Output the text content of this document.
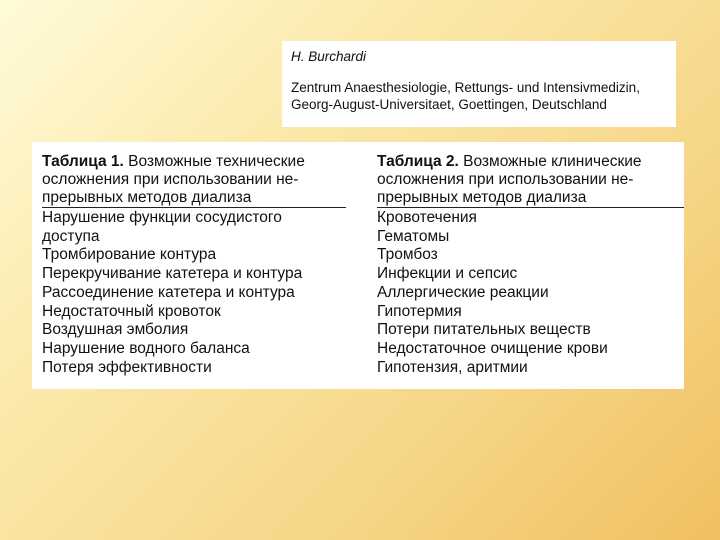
H. Burchardi
Zentrum Anaesthesiologie, Rettungs- und Intensivmedizin,
Georg-August-Universitaet, Goettingen, Deutschland
Таблица 1. Возможные технические
осложнения при использовании не-
прерывных методов диализа
Нарушение функции сосудистого
доступа
Тромбирование контура
Перекручивание катетера и контура
Рассоединение катетера и контура
Недостаточный кровоток
Воздушная эмболия
Нарушение водного баланса
Потеря эффективности
Таблица 2. Возможные клинические
осложнения при использовании не-
прерывных методов диализа
Кровотечения
Гематомы
Тромбоз
Инфекции и сепсис
Аллергические реакции
Гипотермия
Потери питательных веществ
Недостаточное очищение крови
Гипотензия, аритмии
